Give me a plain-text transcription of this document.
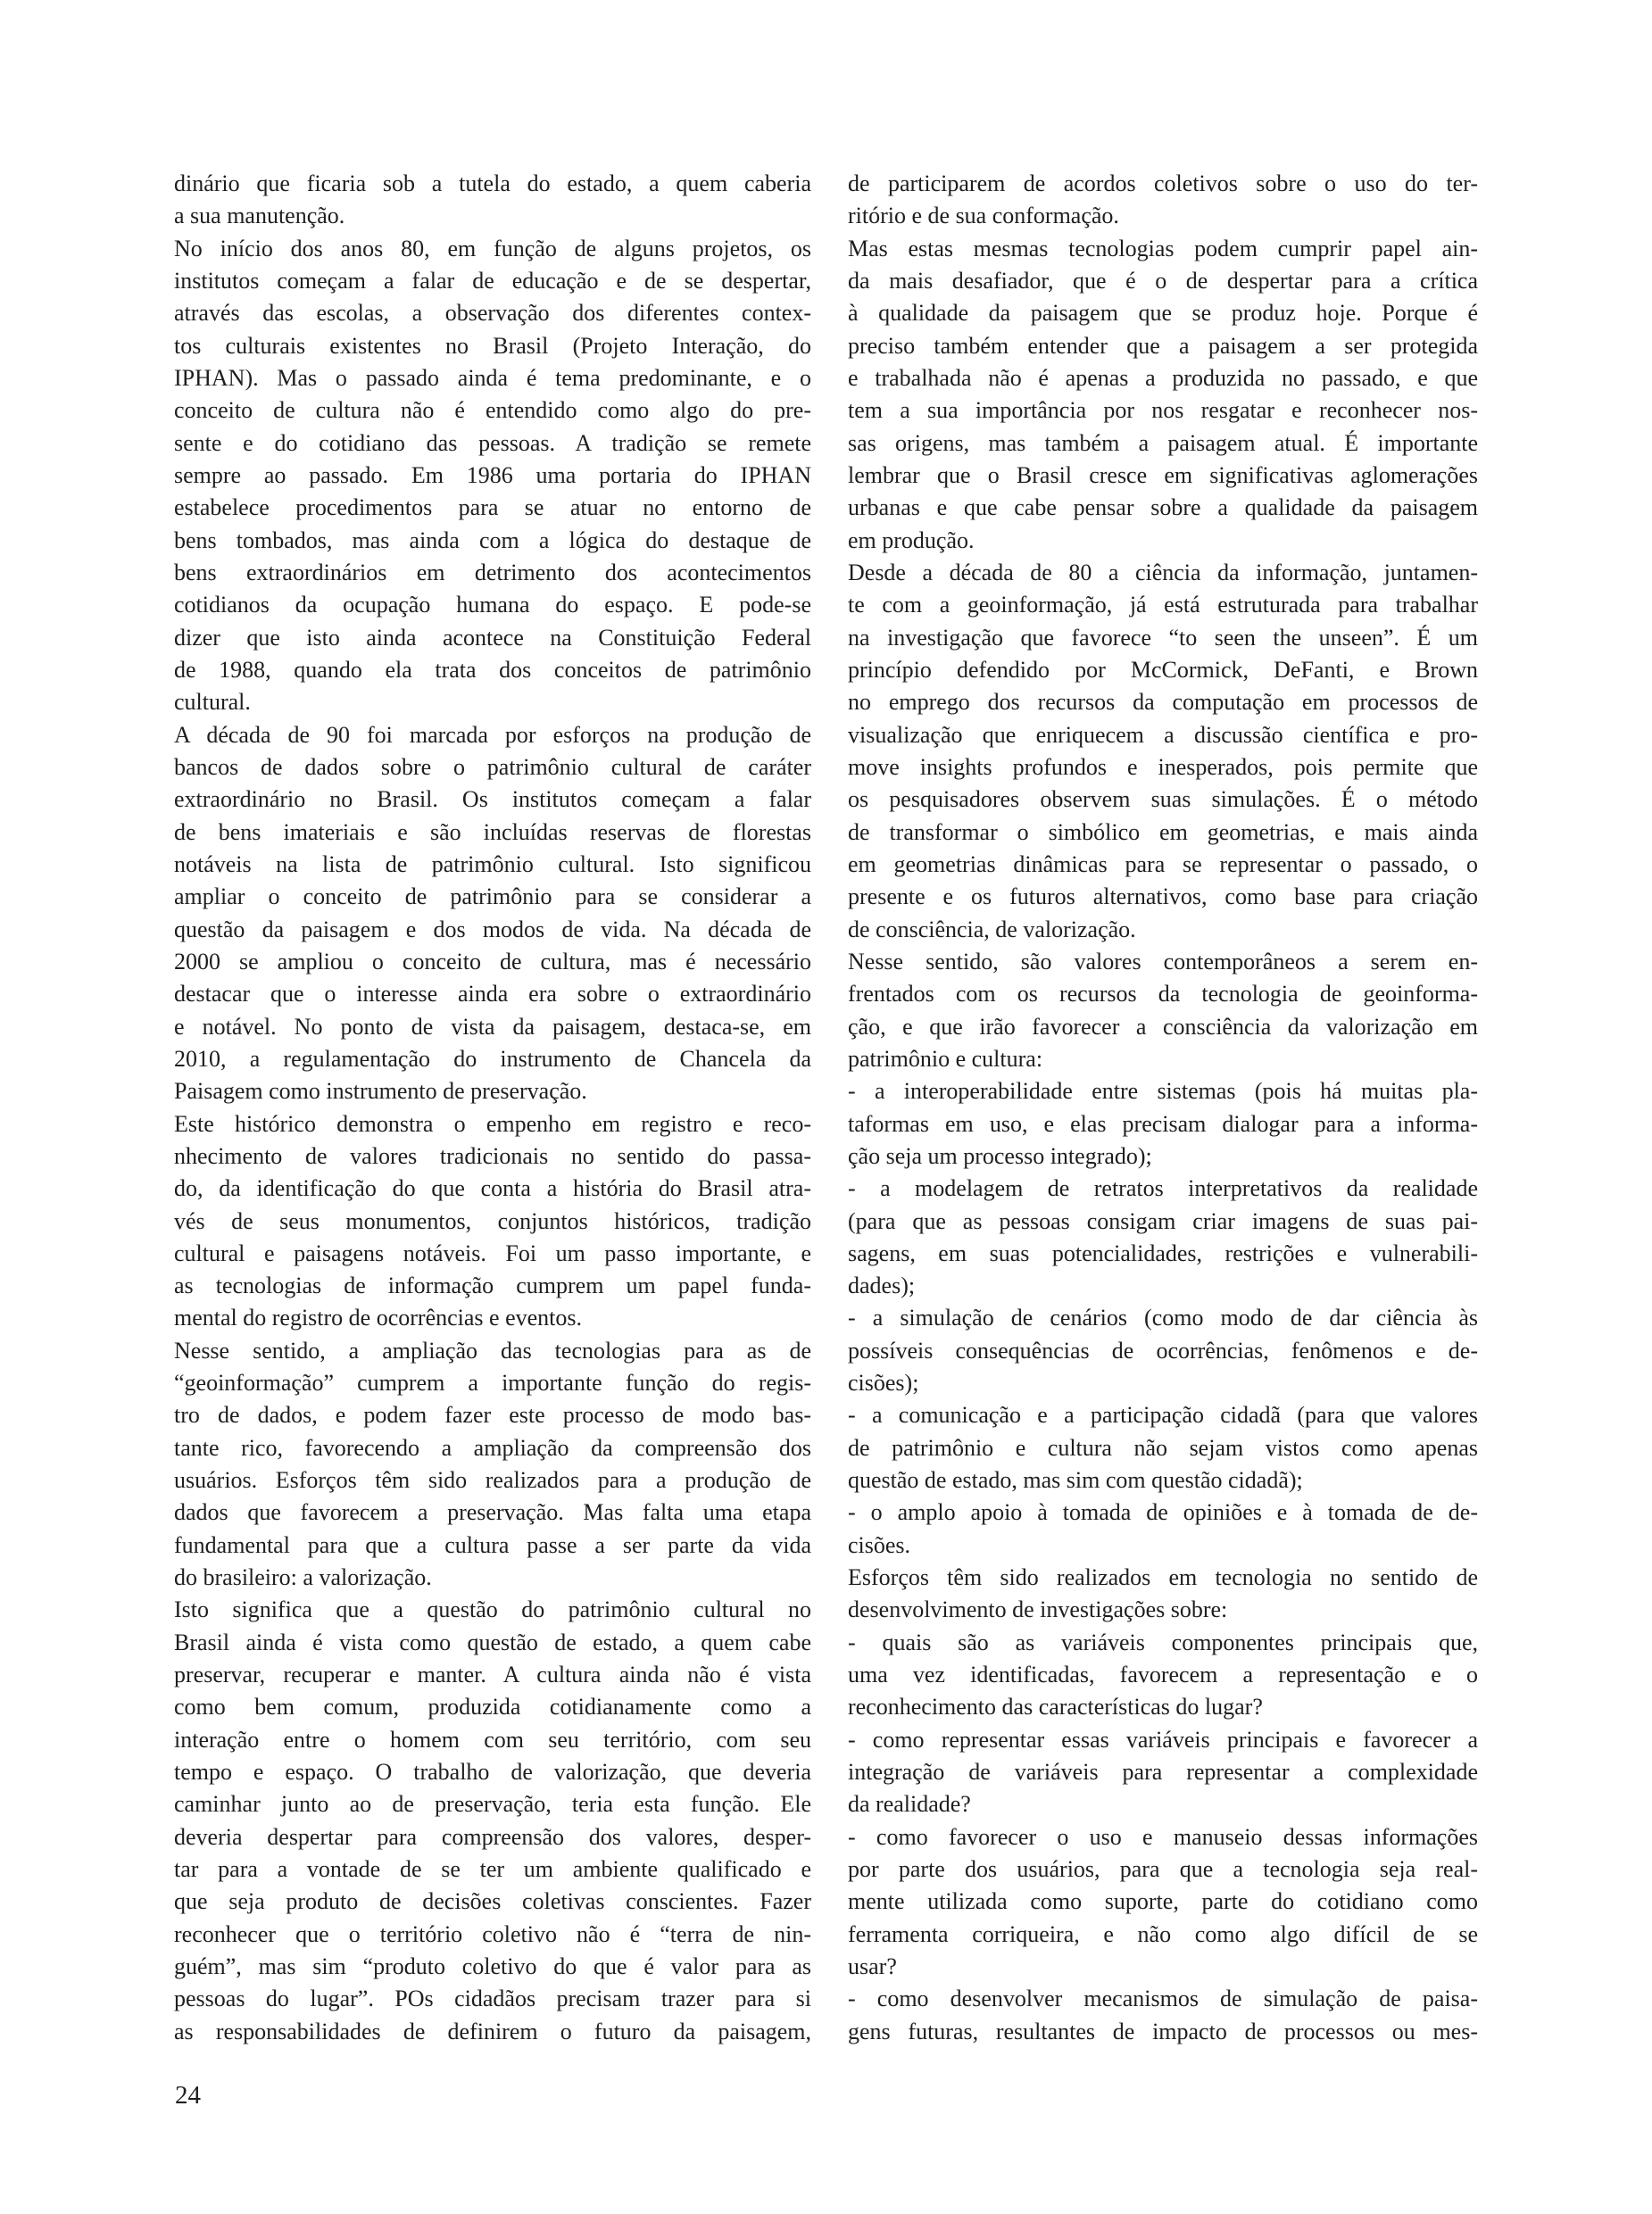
dinário que ficaria sob a tutela do estado, a quem caberia
a sua manutenção.
No início dos anos 80, em função de alguns projetos, os
institutos começam a falar de educação e de se despertar,
através das escolas, a observação dos diferentes contex-
tos culturais existentes no Brasil (Projeto Interação, do
IPHAN). Mas o passado ainda é tema predominante, e o
conceito de cultura não é entendido como algo do pre-
sente e do cotidiano das pessoas. A tradição se remete
sempre ao passado. Em 1986 uma portaria do IPHAN
estabelece procedimentos para se atuar no entorno de
bens tombados, mas ainda com a lógica do destaque de
bens extraordinários em detrimento dos acontecimentos
cotidianos da ocupação humana do espaço. E pode-se
dizer que isto ainda acontece na Constituição Federal
de 1988, quando ela trata dos conceitos de patrimônio
cultural.
A década de 90 foi marcada por esforços na produção de
bancos de dados sobre o patrimônio cultural de caráter
extraordinário no Brasil. Os institutos começam a falar
de bens imateriais e são incluídas reservas de florestas
notáveis na lista de patrimônio cultural. Isto significou
ampliar o conceito de patrimônio para se considerar a
questão da paisagem e dos modos de vida. Na década de
2000 se ampliou o conceito de cultura, mas é necessário
destacar que o interesse ainda era sobre o extraordinário
e notável. No ponto de vista da paisagem, destaca-se, em
2010, a regulamentação do instrumento de Chancela da
Paisagem como instrumento de preservação.
Este histórico demonstra o empenho em registro e reco-
nhecimento de valores tradicionais no sentido do passa-
do, da identificação do que conta a história do Brasil atra-
vés de seus monumentos, conjuntos históricos, tradição
cultural e paisagens notáveis. Foi um passo importante, e
as tecnologias de informação cumprem um papel funda-
mental do registro de ocorrências e eventos.
Nesse sentido, a ampliação das tecnologias para as de
“geoinformação” cumprem a importante função do regis-
tro de dados, e podem fazer este processo de modo bas-
tante rico, favorecendo a ampliação da compreensão dos
usuários. Esforços têm sido realizados para a produção de
dados que favorecem a preservação. Mas falta uma etapa
fundamental para que a cultura passe a ser parte da vida
do brasileiro: a valorização.
Isto significa que a questão do patrimônio cultural no
Brasil ainda é vista como questão de estado, a quem cabe
preservar, recuperar e manter. A cultura ainda não é vista
como bem comum, produzida cotidianamente como a
interação entre o homem com seu território, com seu
tempo e espaço. O trabalho de valorização, que deveria
caminhar junto ao de preservação, teria esta função. Ele
deveria despertar para compreensão dos valores, desper-
tar para a vontade de se ter um ambiente qualificado e
que seja produto de decisões coletivas conscientes. Fazer
reconhecer que o território coletivo não é “terra de nin-
guém”, mas sim “produto coletivo do que é valor para as
pessoas do lugar”. POs cidadãos precisam trazer para si
as responsabilidades de definirem o futuro da paisagem,
de participarem de acordos coletivos sobre o uso do ter-
ritório e de sua conformação.
Mas estas mesmas tecnologias podem cumprir papel ain-
da mais desafiador, que é o de despertar para a crítica
à qualidade da paisagem que se produz hoje. Porque é
preciso também entender que a paisagem a ser protegida
e trabalhada não é apenas a produzida no passado, e que
tem a sua importância por nos resgatar e reconhecer nos-
sas origens, mas também a paisagem atual. É importante
lembrar que o Brasil cresce em significativas aglomerações
urbanas e que cabe pensar sobre a qualidade da paisagem
em produção.
Desde a década de 80 a ciência da informação, juntamen-
te com a geoinformação, já está estruturada para trabalhar
na investigação que favorece “to seen the unseen”. É um
princípio defendido por McCormick, DeFanti, e Brown
no emprego dos recursos da computação em processos de
visualização que enriquecem a discussão científica e pro-
move insights profundos e inesperados, pois permite que
os pesquisadores observem suas simulações. É o método
de transformar o simbólico em geometrias, e mais ainda
em geometrias dinâmicas para se representar o passado, o
presente e os futuros alternativos, como base para criação
de consciência, de valorização.
Nesse sentido, são valores contemporâneos a serem en-
frentados com os recursos da tecnologia de geoinforma-
ção, e que irão favorecer a consciência da valorização em
patrimônio e cultura:
- a interoperabilidade entre sistemas (pois há muitas pla-
taformas em uso, e elas precisam dialogar para a informa-
ção seja um processo integrado);
- a modelagem de retratos interpretativos da realidade
(para que as pessoas consigam criar imagens de suas pai-
sagens, em suas potencialidades, restrições e vulnerabili-
dades);
- a simulação de cenários (como modo de dar ciência às
possíveis consequências de ocorrências, fenômenos e de-
cisões);
- a comunicação e a participação cidadã (para que valores
de patrimônio e cultura não sejam vistos como apenas
questão de estado, mas sim com questão cidadã);
- o amplo apoio à tomada de opiniões e à tomada de de-
cisões.
Esforços têm sido realizados em tecnologia no sentido de
desenvolvimento de investigações sobre:
- quais são as variáveis componentes principais que,
uma vez identificadas, favorecem a representação e o
reconhecimento das características do lugar?
- como representar essas variáveis principais e favorecer a
integração de variáveis para representar a complexidade
da realidade?
- como favorecer o uso e manuseio dessas informações
por parte dos usuários, para que a tecnologia seja real-
mente utilizada como suporte, parte do cotidiano como
ferramenta corriqueira, e não como algo difícil de se
usar?
- como desenvolver mecanismos de simulação de paisa-
gens futuras, resultantes de impacto de processos ou mes-
24
